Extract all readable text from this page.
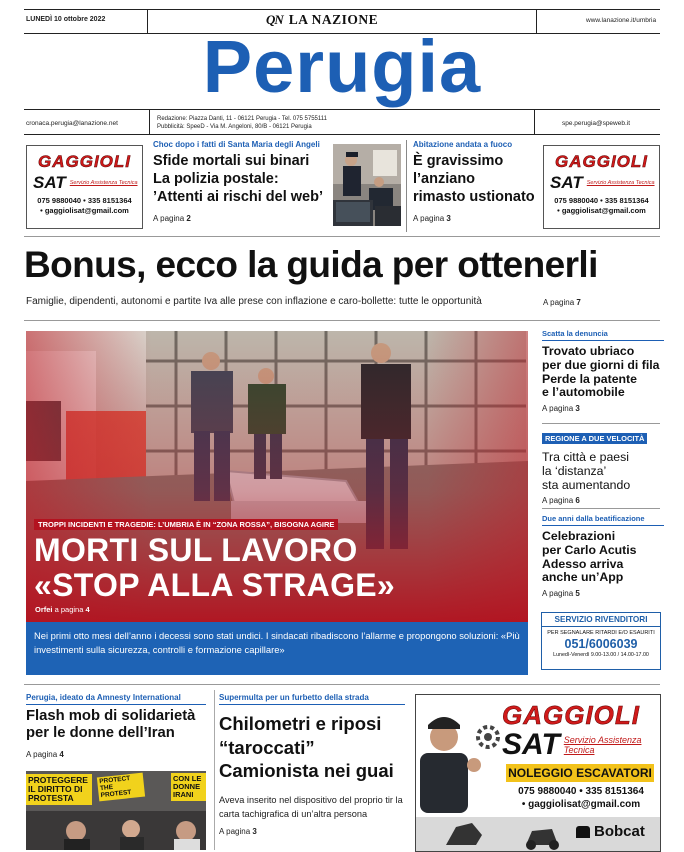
LUNEDÌ 10 ottobre 2022	QN LA NAZIONE	www.lanazione.it/umbria
Perugia
cronaca.perugia@lanazione.net
Redazione: Piazza Danti, 11 - 06121 Perugia - Tel. 075 5755111
Pubblicità: SpeeD - Via M. Angeloni, 80/B - 06121 Perugia	spe.perugia@speweb.it
GAGGIOLI
SAT Servizio Assistenza Tecnica
075 9880040 • 335 8151364
• gaggiolisat@gmail.com
Choc dopo i fatti di Santa Maria degli Angeli
Sfide mortali sui binari
La polizia postale:
’Attenti ai rischi del web’
A pagina 2
Abitazione andata a fuoco
È gravissimo
l’anziano
rimasto ustionato
A pagina 3
GAGGIOLI
SAT Servizio Assistenza Tecnica
075 9880040 • 335 8151364
• gaggiolisat@gmail.com
Bonus, ecco la guida per ottenerli
Famiglie, dipendenti, autonomi e partite Iva alle prese con inflazione e caro-bollette: tutte le opportunità	A pagina 7
TROPPI INCIDENTI E TRAGEDIE: L’UMBRIA È IN “ZONA ROSSA”, BISOGNA AGIRE
MORTI SUL LAVORO
«STOP ALLA STRAGE»
Orfei a pagina 4
Nei primi otto mesi dell’anno i decessi sono stati undici. I sindacati ribadiscono l’allarme e propongono soluzioni: «Più investimenti sulla sicurezza, controlli e formazione capillare»
Scatta la denuncia
Trovato ubriaco
per due giorni di fila
Perde la patente
e l’automobile
A pagina 3
REGIONE A DUE VELOCITÀ
Tra città e paesi
la ‘distanza’
sta aumentando
A pagina 6
Due anni dalla beatificazione
Celebrazioni
per Carlo Acutis
Adesso arriva
anche un’App
A pagina 5
SERVIZIO RIVENDITORI
PER SEGNALARE RITARDI E/O ESAURITI
051/6006039
Lunedì-Venerdì 9.00-13.00 / 14.00-17.00
Perugia, ideato da Amnesty International
Flash mob di solidarietà
per le donne dell’Iran
A pagina 4
PROTEGGERE IL DIRITTO DI PROTESTA
PROTECT THE PROTEST
CON LE DONNE IRANI
Supermulta per un furbetto della strada
Chilometri e riposi
“taroccati”
Camionista nei guai
Aveva inserito nel dispositivo del proprio tir la carta tachigrafica di un’altra persona
A pagina 3
GAGGIOLI
SAT Servizio Assistenza Tecnica
NOLEGGIO ESCAVATORI
075 9880040 • 335 8151364
• gaggiolisat@gmail.com
Bobcat
